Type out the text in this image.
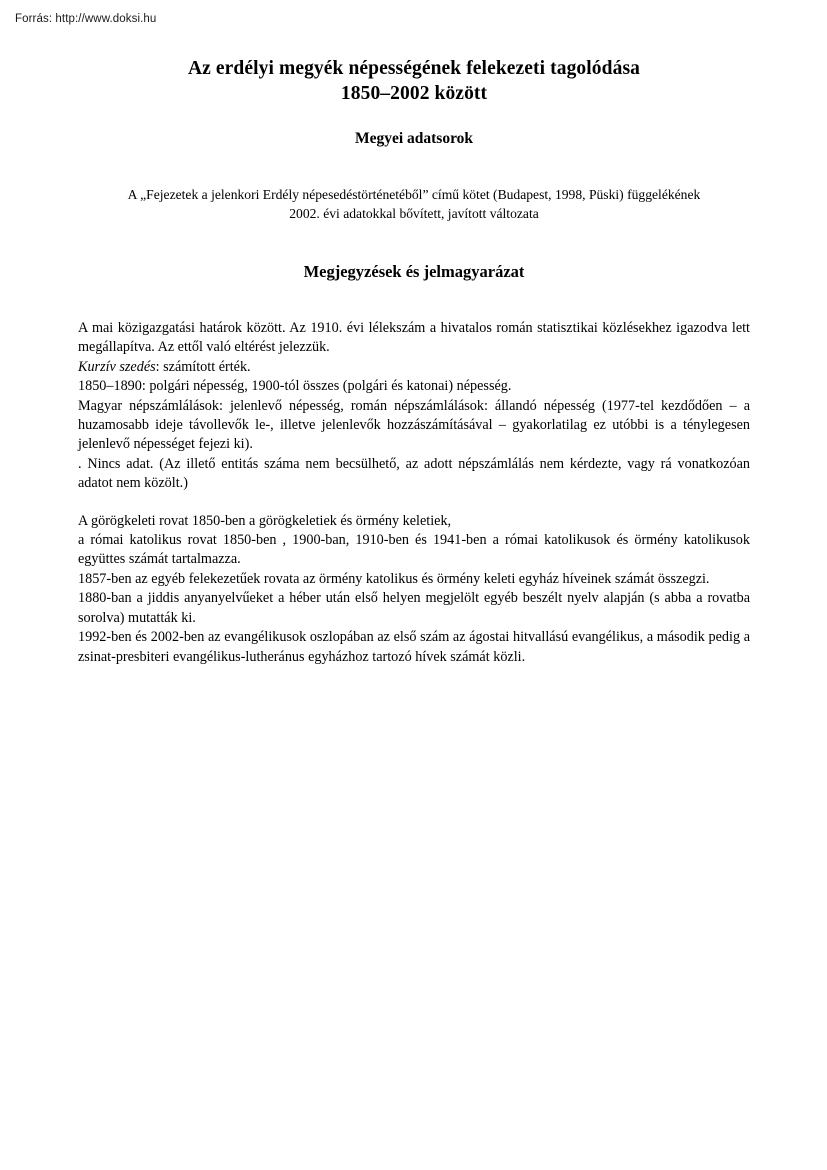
Forrás: http://www.doksi.hu
Az erdélyi megyék népességének felekezeti tagolódása
1850–2002 között
Megyei adatsorok
A „Fejezetek a jelenkori Erdély népesedéstörténetéből” című kötet (Budapest, 1998, Püski) függelékének
2002. évi adatokkal bővített, javított változata
Megjegyzések és jelmagyarázat

A mai közigazgatási határok között. Az 1910. évi lélekszám a hivatalos román statisztikai közlésekhez igazodva lett megállapítva. Az ettől való eltérést jelezzük.

Kurzív szedés: számított érték.

1850–1890: polgári népesség, 1900-tól összes (polgári és katonai) népesség.

Magyar népszámlálások: jelenlevő népesség, román népszámlálások: állandó népesség (1977-tel kezdődően – a huzamosabb ideje távollevők le-, illetve jelenlevők hozzászámításával – gyakorlatilag ez utóbbi is a ténylegesen jelenlevő népességet fejezi ki).

. Nincs adat. (Az illető entitás száma nem becsülhető, az adott népszámlálás nem kérdezte, vagy rá vonatkozóan adatot nem közölt.)

A görögkeleti rovat 1850-ben a görögkeletiek és örmény keletiek,

a római katolikus rovat 1850-ben , 1900-ban, 1910-ben és 1941-ben a római katolikusok és örmény katolikusok együttes számát tartalmazza.

1857-ben az egyéb felekezetűek rovata az örmény katolikus és örmény keleti egyház híveinek számát összegzi.

1880-ban a jiddis anyanyelvűeket a héber után első helyen megjelölt egyéb beszélt nyelv alapján (s abba a rovatba sorolva) mutatták ki.

1992-ben és 2002-ben az evangélikusok oszlopában az első szám az ágostai hitvallású evangélikus, a második pedig a zsinat-presbiteri evangélikus-lutheránus egyházhoz tartozó hívek számát közli.
